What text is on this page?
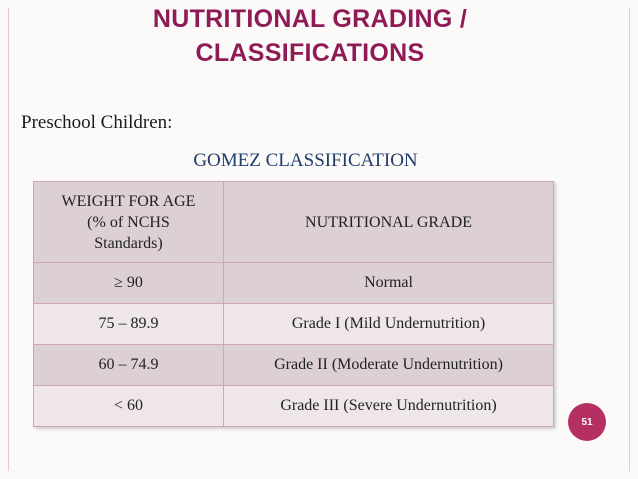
NUTRITIONAL GRADING /
CLASSIFICATIONS
Preschool Children:
GOMEZ CLASSIFICATION
WEIGHT FOR AGE
(% of NCHS
Standards)	NUTRITIONAL GRADE
≥ 90	Normal
75 – 89.9	Grade I (Mild Undernutrition)
60 – 74.9	Grade II (Moderate Undernutrition)
< 60	Grade III (Severe Undernutrition)
51
